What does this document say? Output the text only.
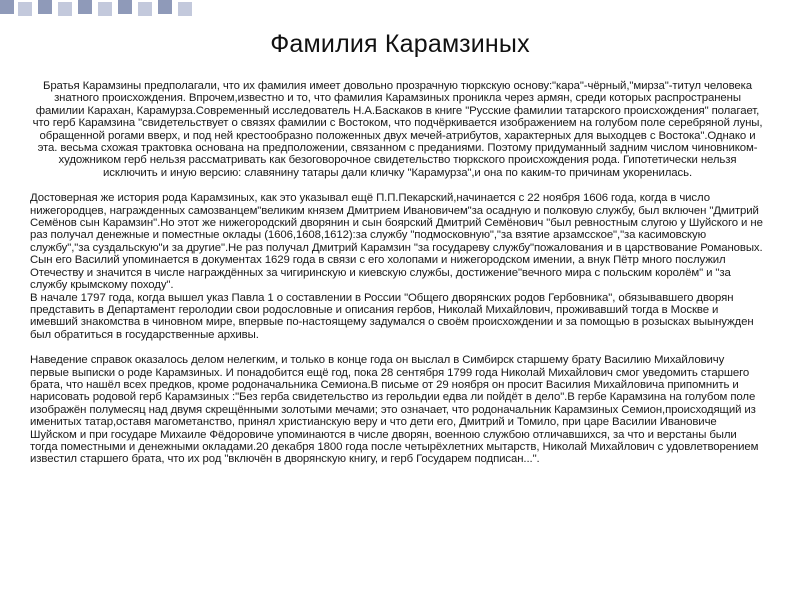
Фамилия Карамзиных

Братья Карамзины предполагали, что их фамилия имеет довольно прозрачную тюркскую основу:"кара"-чёрный,"мирза"-титул человека знатного происхождения. Впрочем,известно и то, что фамилия Карамзиных проникла через армян, среди которых распространены фамилии Карахан, Карамурза.Современный исследователь Н.А.Баскаков в книге "Русские фамилии татарского происхождения" полагает, что герб Карамзина "свидетельствует о связях фамилии с Востоком, что подчёркивается изображением на голубом поле серебряной луны, обращенной рогами вверх, и под ней крестообразно положенных двух мечей-атрибутов, характерных для выходцев с Востока".Однако и эта. весьма схожая трактовка основана на предположении, связанном с преданиями. Поэтому придуманный задним числом чиновником-художником герб нельзя рассматривать как безоговорочное свидетельство тюркского происхождения рода. Гипотетически нельзя исключить и иную версию: славянину татары дали кличку "Карамурза",и она по каким-то причинам укоренилась.

Достоверная же история рода Карамзиных, как это указывал ещё П.П.Пекарский,начинается с 22 ноября 1606 года, когда в число нижегородцев, награжденных самозванцем"великим князем Дмитрием Ивановичем"за осадную и полковую службу, был включен "Дмитрий Семёнов сын Карамзин".Но этот же нижегородский дворянин и сын боярский Дмитрий Семёнович "был ревностным слугою у Шуйского и не раз получал денежные и поместные оклады (1606,1608,1612):за службу "подмосковную","за взятие арзамсское","за касимовскую службу","за суздальскую"и за другие".Не раз получал Дмитрий Карамзин "за государеву службу"пожалования и в царствование Романовых. Сын его Василий упоминается в документах 1629 года в связи с его холопами и нижегородском имении, а внук Пётр много послужил Отечеству и значится в числе награждённых за чигиринскую и киевскую службы, достижение"вечного мира с польским королём" и "за службу крымскому походу".

В начале 1797 года, когда вышел указ Павла 1 о составлении в России "Общего дворянских родов Гербовника", обязывавшего дворян представить в Департамент геролодии свои родословные и описания гербов, Николай Михайлович, проживавший тогда в Москве и имевший знакомства в чиновном мире, впервые по-настоящему задумался о своём происхождении и за помощью в розысках выынужден был обратиться в государственные архивы.

Наведение справок оказалось делом нелегким, и только в конце года он выслал в Симбирск старшему брату Василию Михайловичу первые выписки о роде Карамзиных. И понадобится ещё год, пока 28 сентября 1799 года Николай Михайлович смог уведомить старшего брата, что нашёл всех предков, кроме родоначальника Семиона.В письме от 29 ноября он просит Василия Михайловича припомнить и нарисовать родовой герб Карамзиных :"Без герба свидетельство из герольдии едва ли пойдёт в дело".В гербе Карамзина на голубом поле изображён полумесяц над двумя скрещёнными золотыми мечами; это означает, что родоначальник Карамзиных Семион,происходящий из именитых татар,оставя магометанство, принял христианскую веру и что дети его, Дмитрий и Томило, при царе Василии Ивановиче Шуйском и при государе Михаиле Фёдоровиче упоминаются в числе дворян, военною службою отличавшихся, за что и верстаны были тогда поместными и денежными окладами.20 декабря 1800 года после четырёхлетних мытарств, Николай Михайлович с удовлетворением известил старшего брата, что их род "включён в дворянскую книгу, и герб Государем подписан...".
